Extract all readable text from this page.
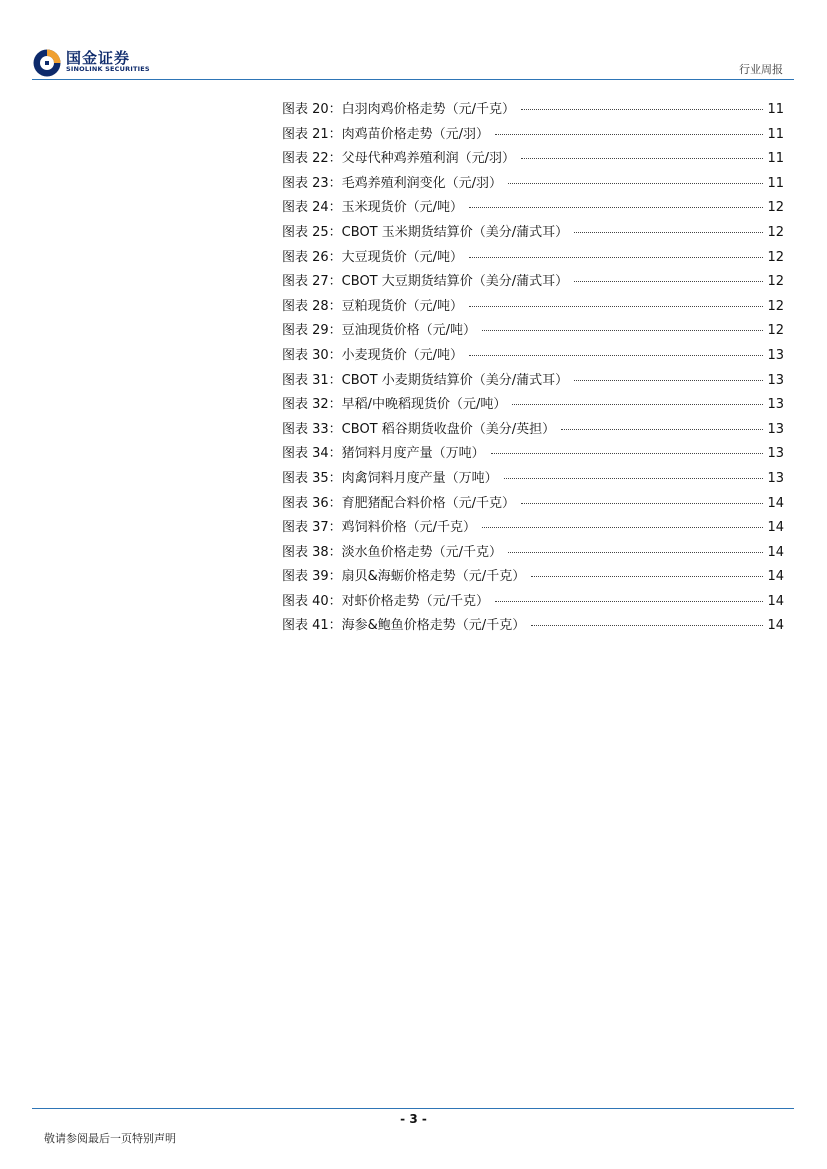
国金证券
SINOLINK SECURITIES	行业周报
图表 20：白羽肉鸡价格走势（元/千克）	11
图表 21：肉鸡苗价格走势（元/羽）	11
图表 22：父母代种鸡养殖利润（元/羽）	11
图表 23：毛鸡养殖利润变化（元/羽）	11
图表 24：玉米现货价（元/吨）	12
图表 25：CBOT 玉米期货结算价（美分/蒲式耳）	12
图表 26：大豆现货价（元/吨）	12
图表 27：CBOT 大豆期货结算价（美分/蒲式耳）	12
图表 28：豆粕现货价（元/吨）	12
图表 29：豆油现货价格（元/吨）	12
图表 30：小麦现货价（元/吨）	13
图表 31：CBOT 小麦期货结算价（美分/蒲式耳）	13
图表 32：早稻/中晚稻现货价（元/吨）	13
图表 33：CBOT 稻谷期货收盘价（美分/英担）	13
图表 34：猪饲料月度产量（万吨）	13
图表 35：肉禽饲料月度产量（万吨）	13
图表 36：育肥猪配合料价格（元/千克）	14
图表 37：鸡饲料价格（元/千克）	14
图表 38：淡水鱼价格走势（元/千克）	14
图表 39：扇贝&海蛎价格走势（元/千克）	14
图表 40：对虾价格走势（元/千克）	14
图表 41：海参&鲍鱼价格走势（元/千克）	14
- 3 -
敬请参阅最后一页特别声明
